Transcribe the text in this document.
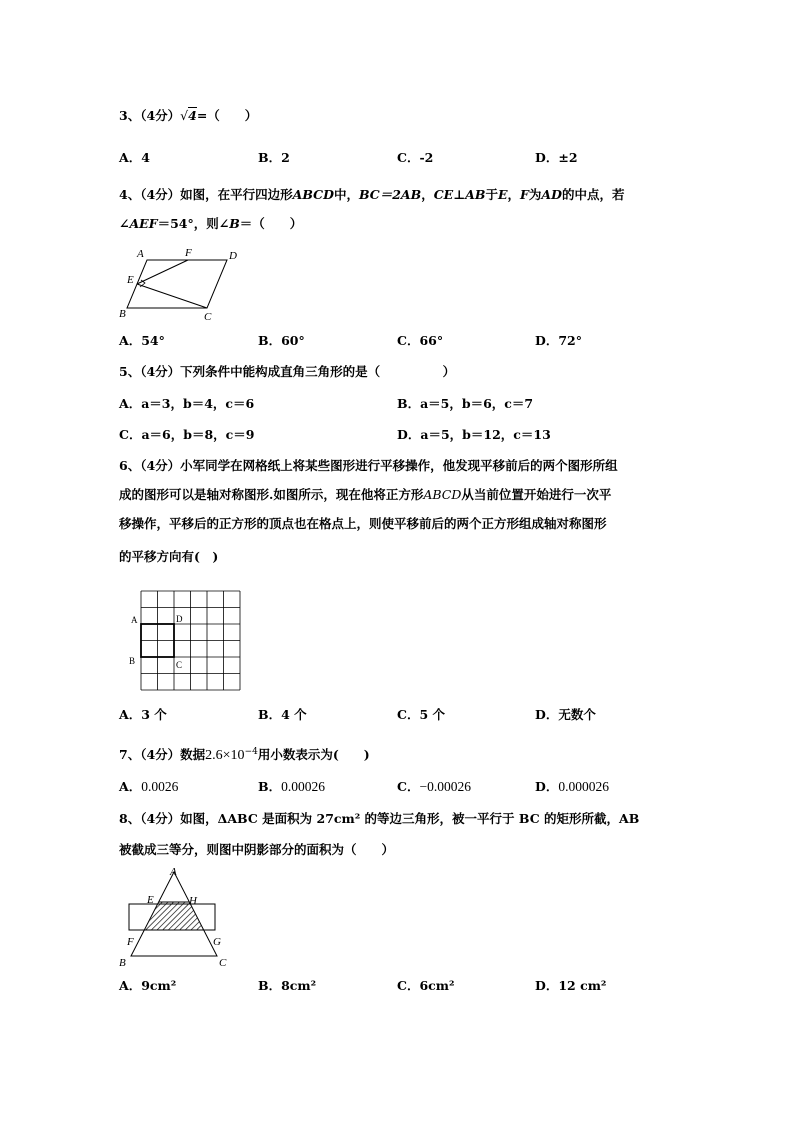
3、（4分）√4=（　　）
A．4	B．2	C．-2	D．±2
4、（4分）如图，在平行四边形ABCD中，BC＝2AB，CE⊥AB于E，F为AD的中点，若
∠AEF＝54°，则∠B＝（　　）
A	F	D
E
B	C
A．54°	B．60°	C．66°	D．72°
5、（4分）下列条件中能构成直角三角形的是（　　　　　）
A．a＝3，b＝4，c＝6	B．a＝5，b＝6，c＝7
C．a＝6，b＝8，c＝9	D．a＝5，b＝12，c＝13
6、（4分）小军同学在网格纸上将某些图形进行平移操作，他发现平移前后的两个图形所组
成的图形可以是轴对称图形.如图所示，现在他将正方形ABCD从当前位置开始进行一次平
移操作，平移后的正方形的顶点也在格点上，则使平移前后的两个正方形组成轴对称图形
的平移方向有(　)
A	D
B	C
A．3 个	B．4 个	C．5 个	D．无数个
7、（4分）数据$2.6\times 10^{-4}$用小数表示为(　　)
A．0.0026	B．0.00026	C．−0.00026	D．0.000026
8、（4分）如图，ΔABC 是面积为 27cm² 的等边三角形，被一平行于 BC 的矩形所截，AB
被截成三等分，则图中阴影部分的面积为（　　）
A
E	H
F	G
B	C
A．9cm²	B．8cm²	C．6cm²	D．12 cm²
